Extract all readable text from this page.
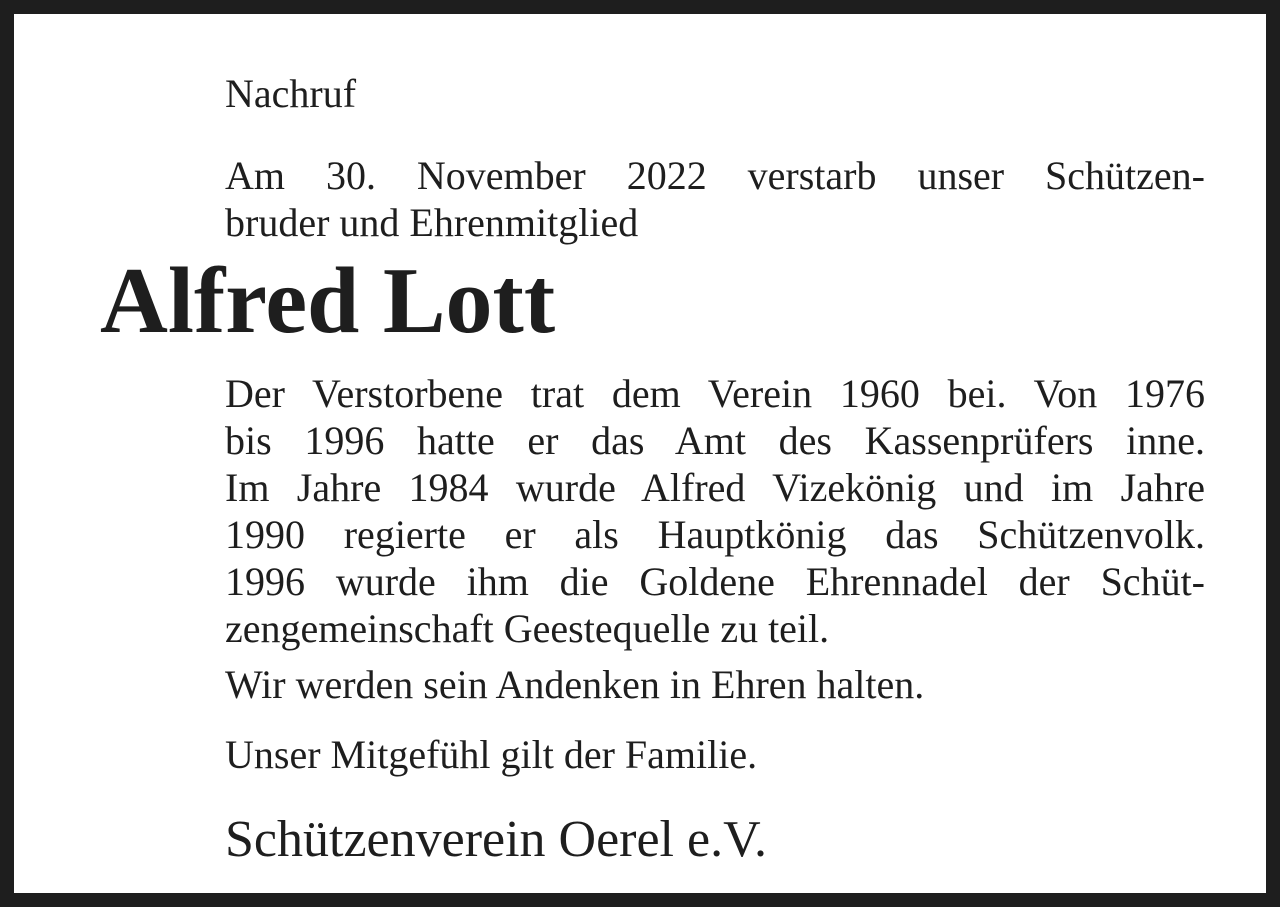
Nachruf

Am 30. November 2022 verstarb unser Schützen-
bruder und Ehrenmitglied

Alfred Lott

Der Verstorbene trat dem Verein 1960 bei. Von 1976
bis 1996 hatte er das Amt des Kassenprüfers inne.
Im Jahre 1984 wurde Alfred Vizekönig und im Jahre
1990 regierte er als Hauptkönig das Schützenvolk.
1996 wurde ihm die Goldene Ehrennadel der Schüt-
zengemeinschaft Geestequelle zu teil.

Wir werden sein Andenken in Ehren halten.

Unser Mitgefühl gilt der Familie.

Schützenverein Oerel e.V.
